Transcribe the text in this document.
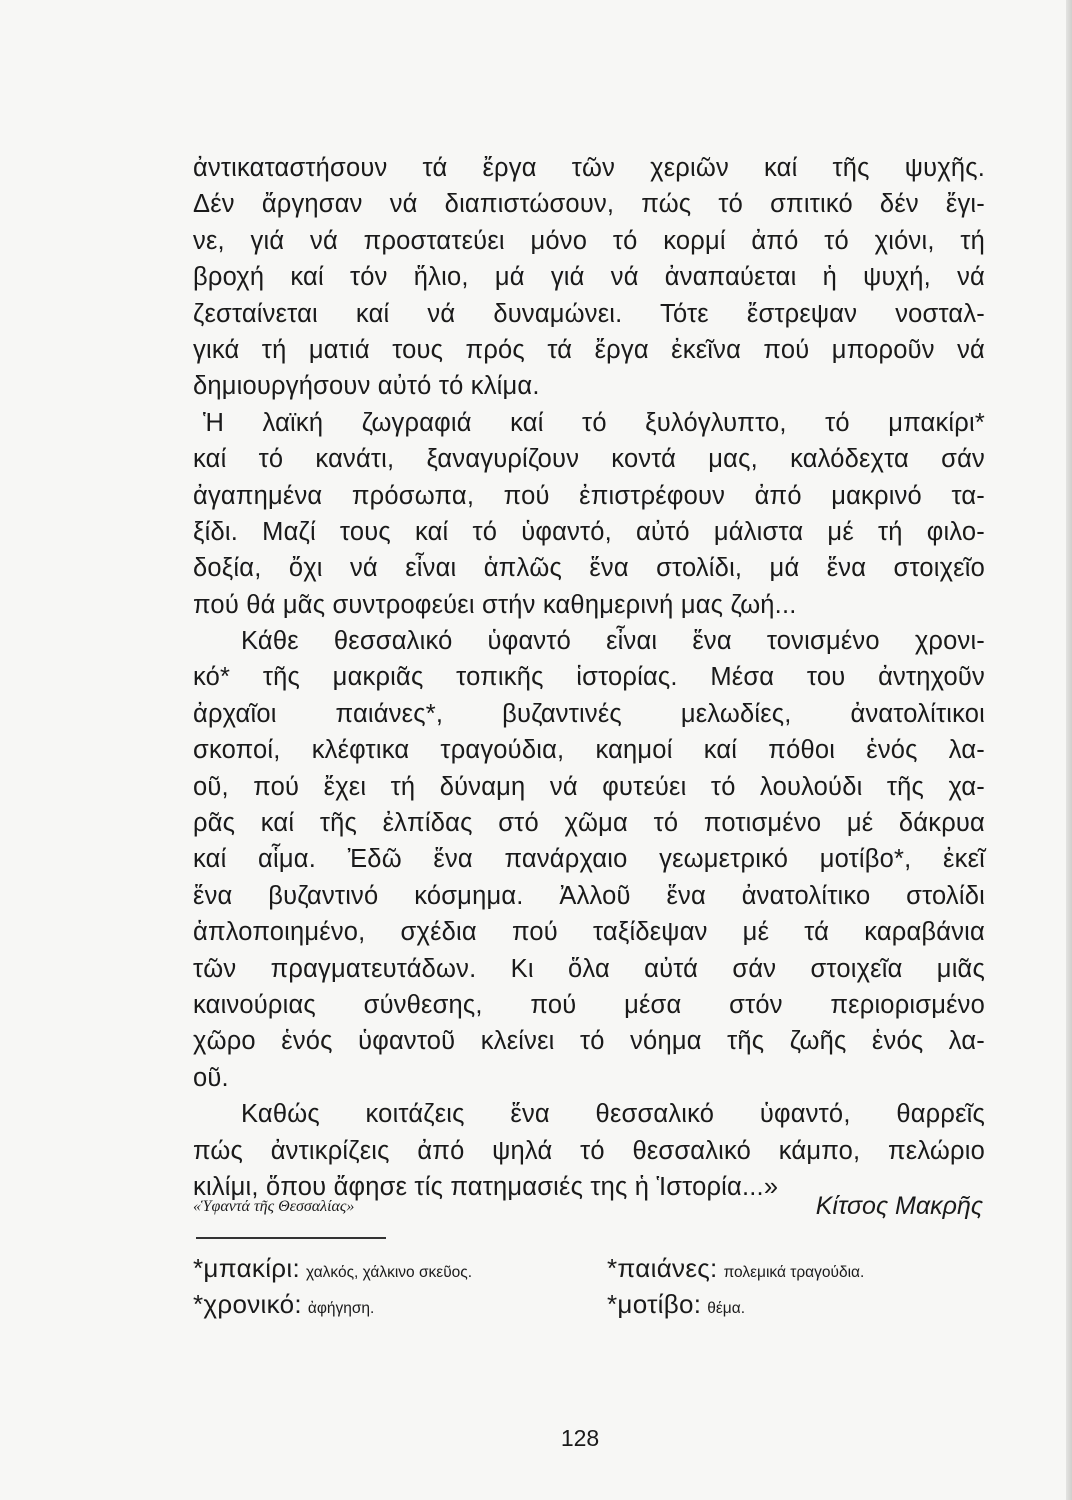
ἀντικαταστήσουν τά ἔργα τῶν χεριῶν καί τῆς ψυχῆς.
Δέν ἄργησαν νά διαπιστώσουν, πώς τό σπιτικό δέν ἔγι-
νε, γιά νά προστατεύει μόνο τό κορμί ἀπό τό χιόνι, τή
βροχή καί τόν ἥλιο, μά γιά νά ἀναπαύεται ἡ ψυχή, νά
ζεσταίνεται καί νά δυναμώνει. Τότε ἔστρεψαν νοσταλ-
γικά τή ματιά τους πρός τά ἔργα ἐκεῖνα πού μποροῦν νά
δημιουργήσουν αὐτό τό κλίμα.
Ἡ λαϊκή ζωγραφιά καί τό ξυλόγλυπτο, τό μπακίρι*
καί τό κανάτι, ξαναγυρίζουν κοντά μας, καλόδεχτα σάν
ἀγαπημένα πρόσωπα, πού ἐπιστρέφουν ἀπό μακρινό τα-
ξίδι. Μαζί τους καί τό ὑφαντό, αὐτό μάλιστα μέ τή φιλο-
δοξία, ὄχι νά εἶναι ἁπλῶς ἕνα στολίδι, μά ἕνα στοιχεῖο
πού θά μᾶς συντροφεύει στήν καθημερινή μας ζωή...
Κάθε θεσσαλικό ὑφαντό εἶναι ἕνα τονισμένο χρονι-
κό* τῆς μακριᾶς τοπικῆς ἱστορίας. Μέσα του ἀντηχοῦν
ἀρχαῖοι παιάνες*, βυζαντινές μελωδίες, ἀνατολίτικοι
σκοποί, κλέφτικα τραγούδια, καημοί καί πόθοι ἑνός λα-
οῦ, πού ἔχει τή δύναμη νά φυτεύει τό λουλούδι τῆς χα-
ρᾶς καί τῆς ἐλπίδας στό χῶμα τό ποτισμένο μέ δάκρυα
καί αἷμα. Ἐδῶ ἕνα πανάρχαιο γεωμετρικό μοτίβο*, ἐκεῖ
ἕνα βυζαντινό κόσμημα. Ἀλλοῦ ἕνα ἀνατολίτικο στολίδι
ἁπλοποιημένο, σχέδια πού ταξίδεψαν μέ τά καραβάνια
τῶν πραγματευτάδων. Κι ὅλα αὐτά σάν στοιχεῖα μιᾶς
καινούριας σύνθεσης, πού μέσα στόν περιορισμένο
χῶρο ἑνός ὑφαντοῦ κλείνει τό νόημα τῆς ζωῆς ἑνός λα-
οῦ.
Καθώς κοιτάζεις ἕνα θεσσαλικό ὑφαντό, θαρρεῖς
πώς ἀντικρίζεις ἀπό ψηλά τό θεσσαλικό κάμπο, πελώριο
κιλίμι, ὅπου ἄφησε τίς πατημασιές της ἡ Ἱστορία...»
«Ὑφαντά τῆς Θεσσαλίας»	Κίτσος Μακρῆς
*μπακίρι: χαλκός, χάλκινο σκεῦος.	*παιάνες: πολεμικά τραγούδια.
*χρονικό: ἀφήγηση.	*μοτίβο: θέμα.
128
